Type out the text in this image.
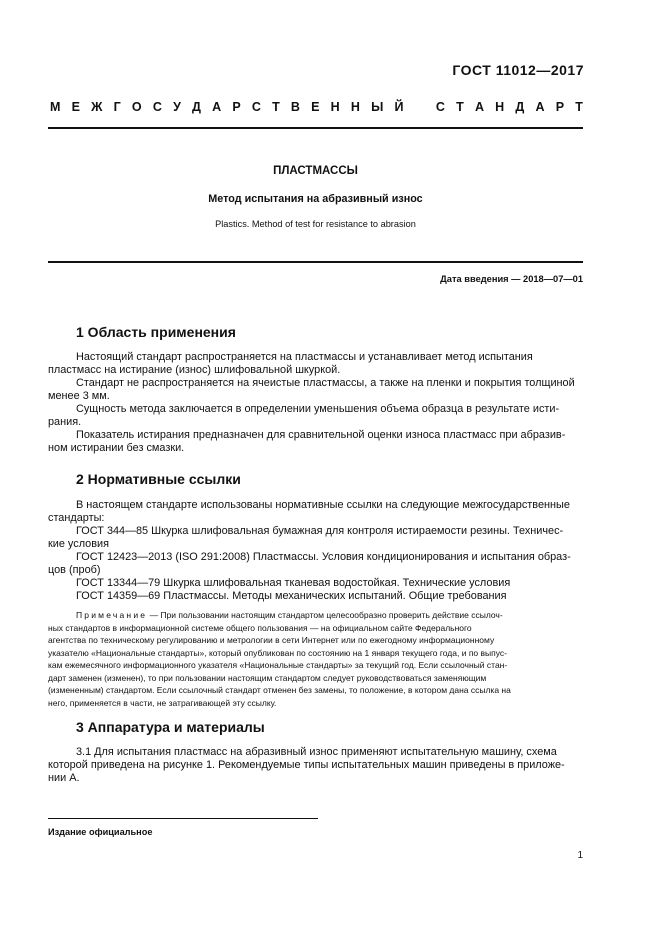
ГОСТ 11012—2017
М Е Ж Г О С У Д А Р С Т В Е Н Н Ы Й	С Т А Н Д А Р Т
ПЛАСТМАССЫ
Метод испытания на абразивный износ
Plastics. Method of test for resistance to abrasion
Дата введения — 2018—07—01
1 Область применения
Настоящий стандарт распространяется на пластмассы и устанавливает метод испытания
пластмасс на истирание (износ) шлифовальной шкуркой.
Стандарт не распространяется на ячеистые пластмассы, а также на пленки и покрытия толщиной
менее 3 мм.
Сущность метода заключается в определении уменьшения объема образца в результате исти-
рания.
Показатель истирания предназначен для сравнительной оценки износа пластмасс при абразив-
ном истирании без смазки.
2 Нормативные ссылки
В настоящем стандарте использованы нормативные ссылки на следующие межгосударственные
стандарты:
ГОСТ 344—85 Шкурка шлифовальная бумажная для контроля истираемости резины. Техничес-
кие условия
ГОСТ 12423—2013 (ISO 291:2008) Пластмассы. Условия кондиционирования и испытания образ-
цов (проб)
ГОСТ 13344—79 Шкурка шлифовальная тканевая водостойкая. Технические условия
ГОСТ 14359—69 Пластмассы. Методы механических испытаний. Общие требования
Примечание — При пользовании настоящим стандартом целесообразно проверить действие ссылоч-
ных стандартов в информационной системе общего пользования — на официальном сайте Федерального
агентства по техническому регулированию и метрологии в сети Интернет или по ежегодному информационному
указателю «Национальные стандарты», который опубликован по состоянию на 1 января текущего года, и по выпус-
кам ежемесячного информационного указателя «Национальные стандарты» за текущий год. Если ссылочный стан-
дарт заменен (изменен), то при пользовании настоящим стандартом следует руководствоваться заменяющим
(измененным) стандартом. Если ссылочный стандарт отменен без замены, то положение, в котором дана ссылка на
него, применяется в части, не затрагивающей эту ссылку.
3 Аппаратура и материалы
3.1 Для испытания пластмасс на абразивный износ применяют испытательную машину, схема
которой приведена на рисунке 1. Рекомендуемые типы испытательных машин приведены в приложе-
нии А.
Издание официальное
1
